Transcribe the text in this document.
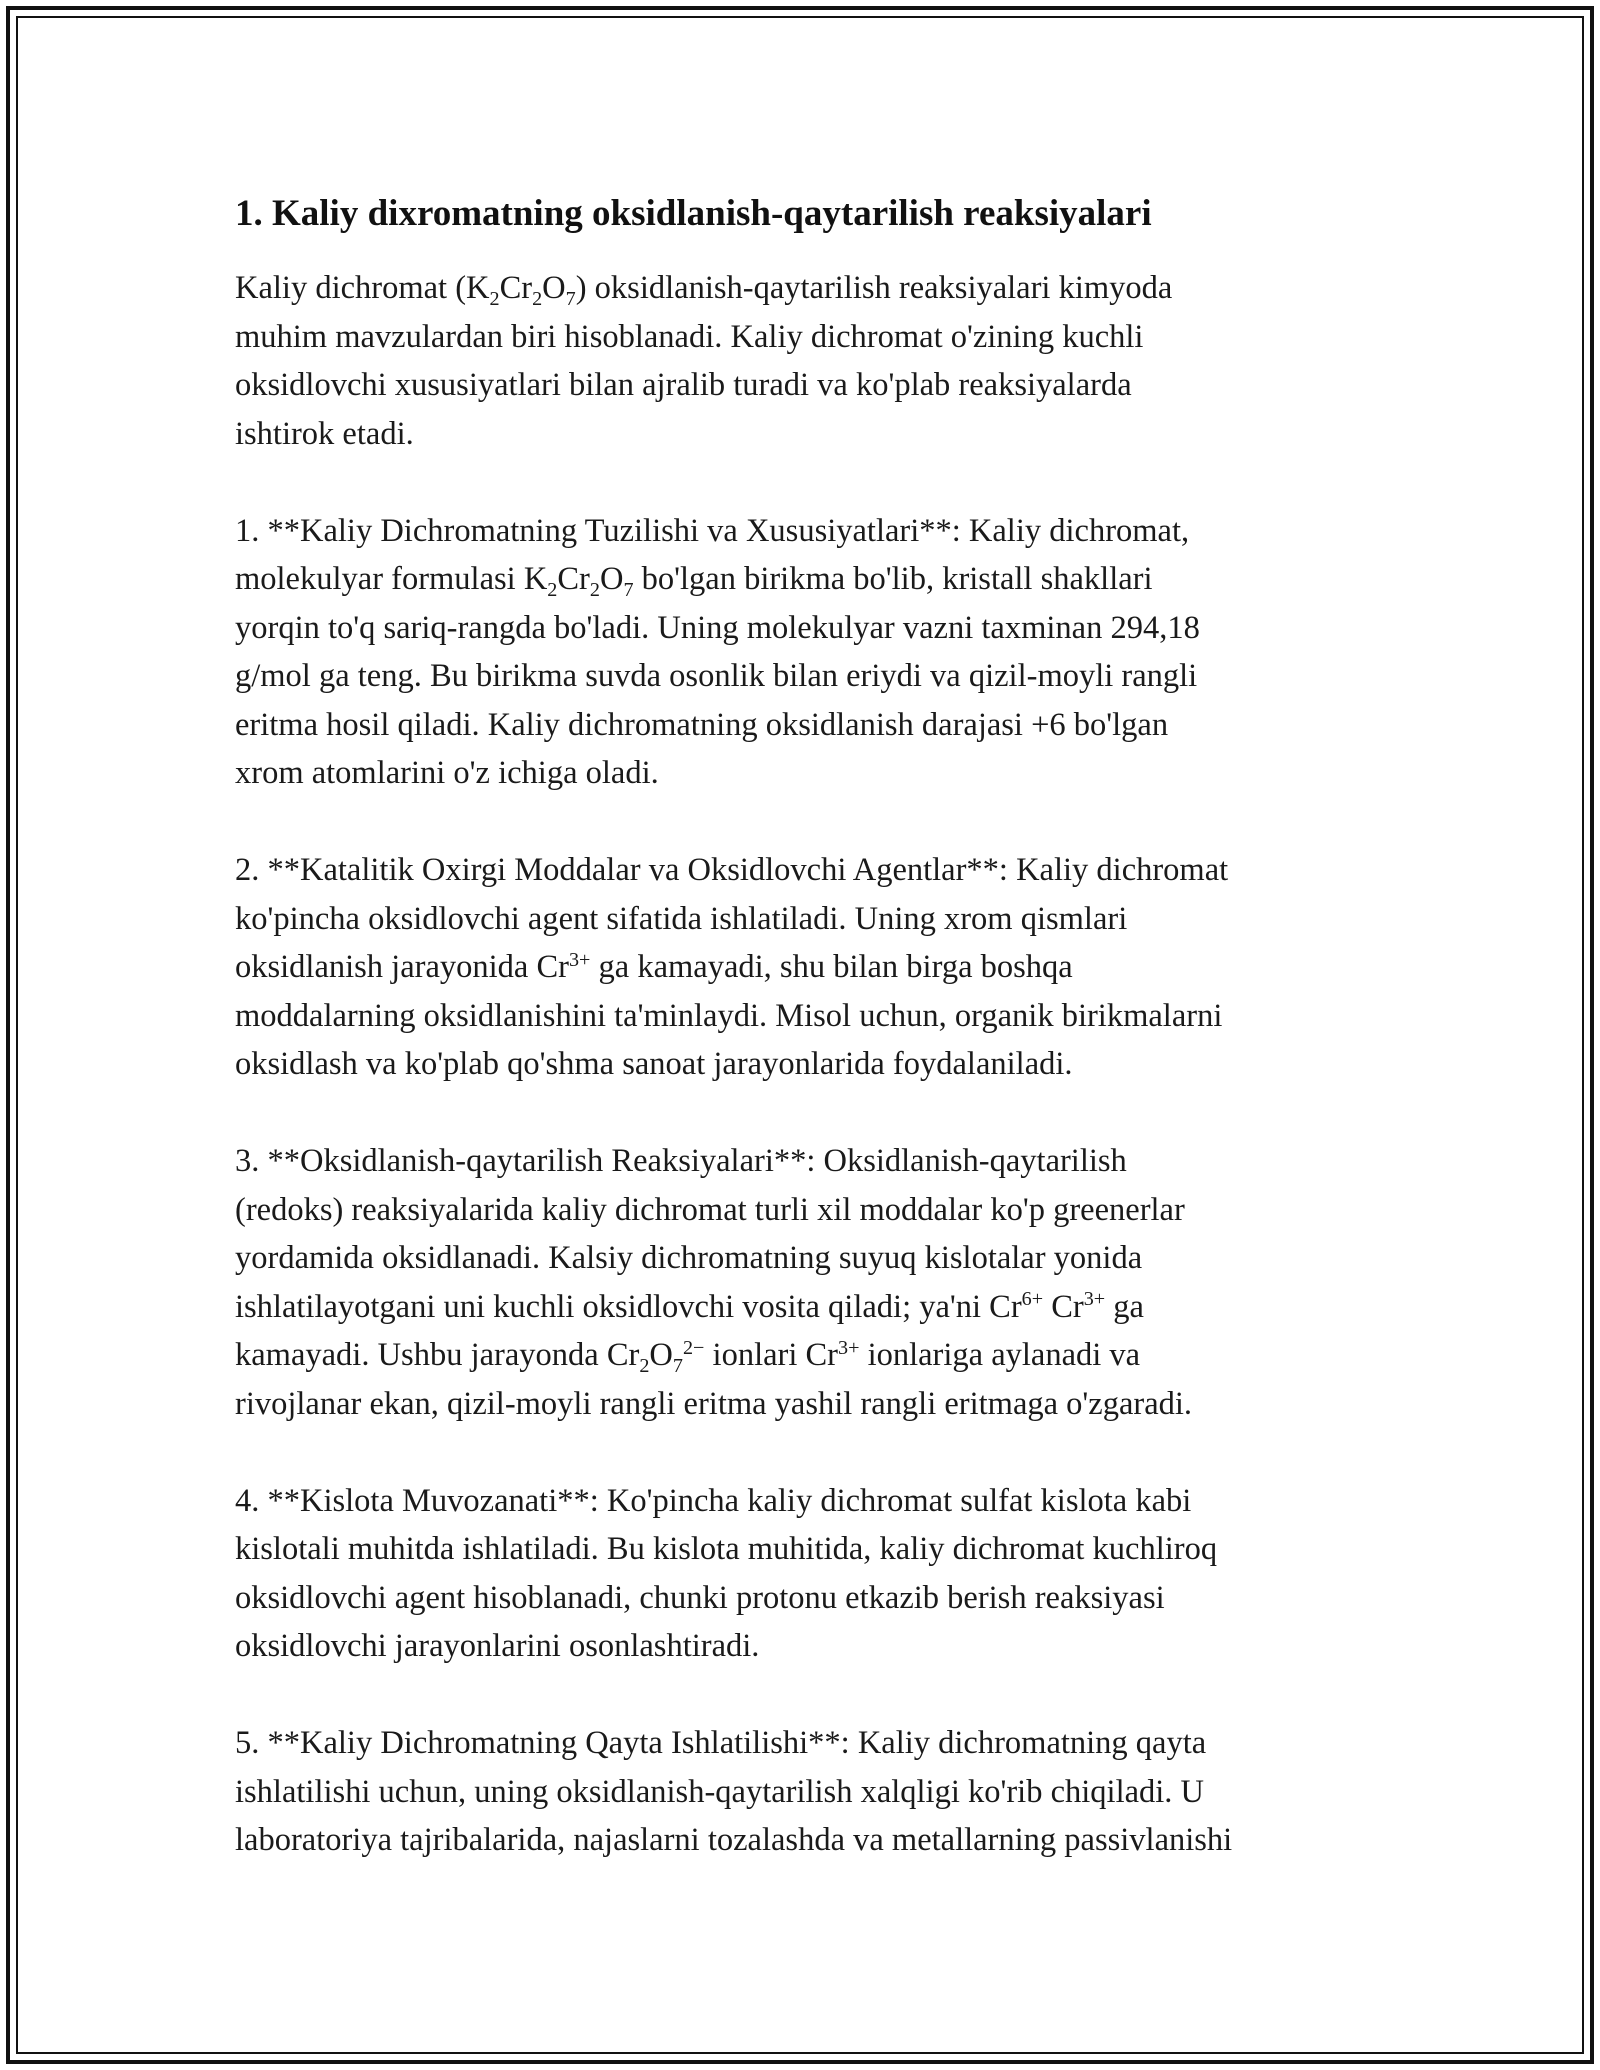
1. Kaliy dixromatning oksidlanish-qaytarilish reaksiyalari

Kaliy dichromat $(K_2Cr_2O_7)$ oksidlanish-qaytarilish reaksiyalari kimyoda
muhim mavzulardan biri hisoblanadi. Kaliy dichromat o'zining kuchli
oksidlovchi xususiyatlari bilan ajralib turadi va ko'plab reaksiyalarda
ishtirok etadi.

1. **Kaliy Dichromatning Tuzilishi va Xususiyatlari**: Kaliy dichromat,
molekulyar formulasi $K_2Cr_2O_7$ bo'lgan birikma bo'lib, kristall shakllari
yorqin to'q sariq-rangda bo'ladi. Uning molekulyar vazni taxminan 294,18
g/mol ga teng. Bu birikma suvda osonlik bilan eriydi va qizil-moyli rangli
eritma hosil qiladi. Kaliy dichromatning oksidlanish darajasi +6 bo'lgan
xrom atomlarini o'z ichiga oladi.

2. **Katalitik Oxirgi Moddalar va Oksidlovchi Agentlar**: Kaliy dichromat
ko'pincha oksidlovchi agent sifatida ishlatiladi. Uning xrom qismlari
oksidlanish jarayonida $Cr^{3+}$ ga kamayadi, shu bilan birga boshqa
moddalarning oksidlanishini ta'minlaydi. Misol uchun, organik birikmalarni
oksidlash va ko'plab qo'shma sanoat jarayonlarida foydalaniladi.

3. **Oksidlanish-qaytarilish Reaksiyalari**: Oksidlanish-qaytarilish
(redoks) reaksiyalarida kaliy dichromat turli xil moddalar ko'p greenerlar
yordamida oksidlanadi. Kalsiy dichromatning suyuq kislotalar yonida
ishlatilayotgani uni kuchli oksidlovchi vosita qiladi; ya'ni $Cr^{6+}$ $Cr^{3+}$ ga
kamayadi. Ushbu jarayonda $Cr_2O_7^{2-}$ ionlari $Cr^{3+}$ ionlariga aylanadi va
rivojlanar ekan, qizil-moyli rangli eritma yashil rangli eritmaga o'zgaradi.

4. **Kislota Muvozanati**: Ko'pincha kaliy dichromat sulfat kislota kabi
kislotali muhitda ishlatiladi. Bu kislota muhitida, kaliy dichromat kuchliroq
oksidlovchi agent hisoblanadi, chunki protonu etkazib berish reaksiyasi
oksidlovchi jarayonlarini osonlashtiradi.

5. **Kaliy Dichromatning Qayta Ishlatilishi**: Kaliy dichromatning qayta
ishlatilishi uchun, uning oksidlanish-qaytarilish xalqligi ko'rib chiqiladi. U
laboratoriya tajribalarida, najaslarni tozalashda va metallarning passivlanishi
